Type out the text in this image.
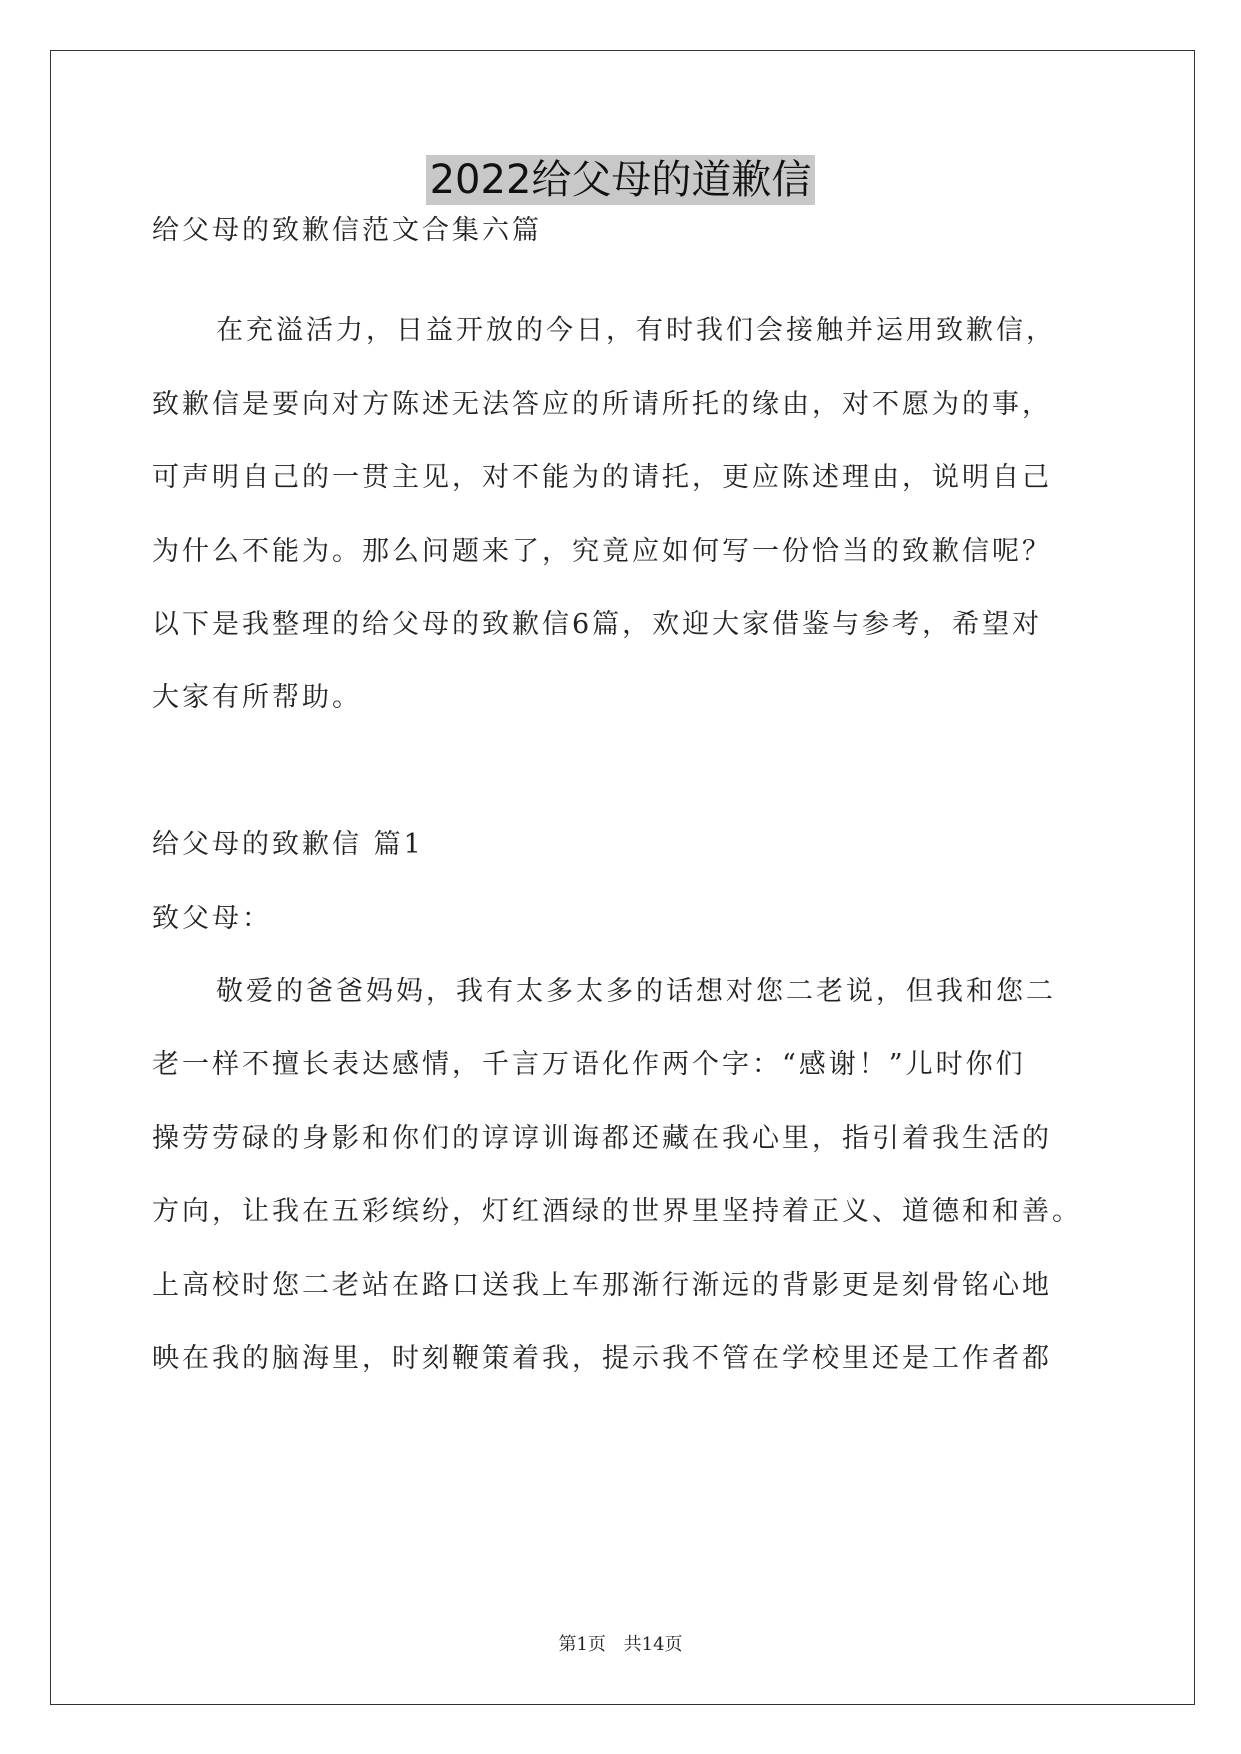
2022给父母的道歉信
给父母的致歉信范文合集六篇
在充溢活力，日益开放的今日，有时我们会接触并运用致歉信，
致歉信是要向对方陈述无法答应的所请所托的缘由，对不愿为的事，
可声明自己的一贯主见，对不能为的请托，更应陈述理由，说明自己
为什么不能为。那么问题来了，究竟应如何写一份恰当的致歉信呢？
以下是我整理的给父母的致歉信6篇，欢迎大家借鉴与参考，希望对
大家有所帮助。
给父母的致歉信 篇1
致父母：
敬爱的爸爸妈妈，我有太多太多的话想对您二老说，但我和您二
老一样不擅长表达感情，千言万语化作两个字：“感谢！”儿时你们
操劳劳碌的身影和你们的谆谆训诲都还藏在我心里，指引着我生活的
方向，让我在五彩缤纷，灯红酒绿的世界里坚持着正义、道德和和善。
上高校时您二老站在路口送我上车那渐行渐远的背影更是刻骨铭心地
映在我的脑海里，时刻鞭策着我，提示我不管在学校里还是工作者都
第1页 共14页
